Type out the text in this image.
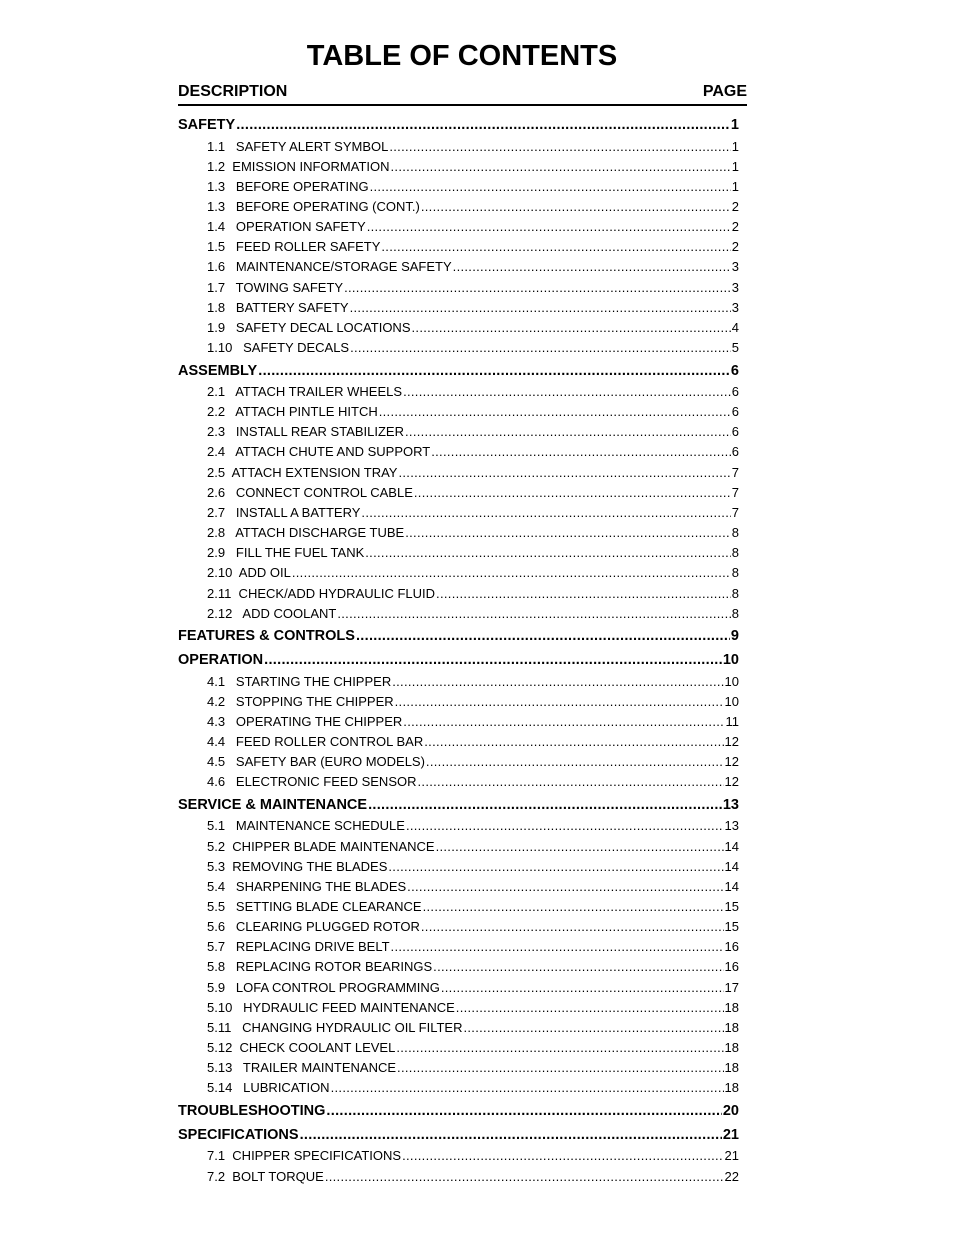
TABLE OF CONTENTS
DESCRIPTION	PAGE
SAFETY .....	1
1.1   SAFETY ALERT SYMBOL .....	1
1.2  EMISSION INFORMATION .....	1
1.3   BEFORE OPERATING .....	1
1.3   BEFORE OPERATING (CONT.) .....	2
1.4   OPERATION SAFETY .....	2
1.5   FEED ROLLER SAFETY .....	2
1.6   MAINTENANCE/STORAGE SAFETY .....	3
1.7   TOWING SAFETY .....	3
1.8   BATTERY SAFETY .....	3
1.9   SAFETY DECAL LOCATIONS .....	4
1.10   SAFETY DECALS .....	5
ASSEMBLY .....	6
2.1   ATTACH TRAILER WHEELS .....	6
2.2   ATTACH PINTLE HITCH .....	6
2.3   INSTALL REAR STABILIZER .....	6
2.4   ATTACH CHUTE AND SUPPORT .....	6
2.5  ATTACH EXTENSION TRAY .....	7
2.6   CONNECT CONTROL CABLE .....	7
2.7   INSTALL A BATTERY .....	7
2.8   ATTACH DISCHARGE TUBE .....	8
2.9   FILL THE FUEL TANK .....	8
2.10  ADD OIL .....	8
2.11  CHECK/ADD HYDRAULIC FLUID .....	8
2.12   ADD COOLANT .....	8
FEATURES & CONTROLS .....	9
OPERATION .....	10
4.1   STARTING THE CHIPPER .....	10
4.2   STOPPING THE CHIPPER .....	10
4.3   OPERATING THE CHIPPER .....	11
4.4   FEED ROLLER CONTROL BAR .....	12
4.5   SAFETY BAR (EURO MODELS) .....	12
4.6   ELECTRONIC FEED SENSOR .....	12
SERVICE & MAINTENANCE .....	13
5.1   MAINTENANCE SCHEDULE .....	13
5.2  CHIPPER BLADE MAINTENANCE .....	14
5.3  REMOVING THE BLADES .....	14
5.4   SHARPENING THE BLADES .....	14
5.5   SETTING BLADE CLEARANCE .....	15
5.6   CLEARING PLUGGED ROTOR .....	15
5.7   REPLACING DRIVE BELT .....	16
5.8   REPLACING ROTOR BEARINGS .....	16
5.9   LOFA CONTROL PROGRAMMING .....	17
5.10   HYDRAULIC FEED MAINTENANCE .....	18
5.11   CHANGING HYDRAULIC OIL FILTER .....	18
5.12  CHECK COOLANT LEVEL .....	18
5.13   TRAILER MAINTENANCE .....	18
5.14   LUBRICATION .....	18
TROUBLESHOOTING .....	20
SPECIFICATIONS .....	21
7.1  CHIPPER SPECIFICATIONS .....	21
7.2  BOLT TORQUE .....	22
